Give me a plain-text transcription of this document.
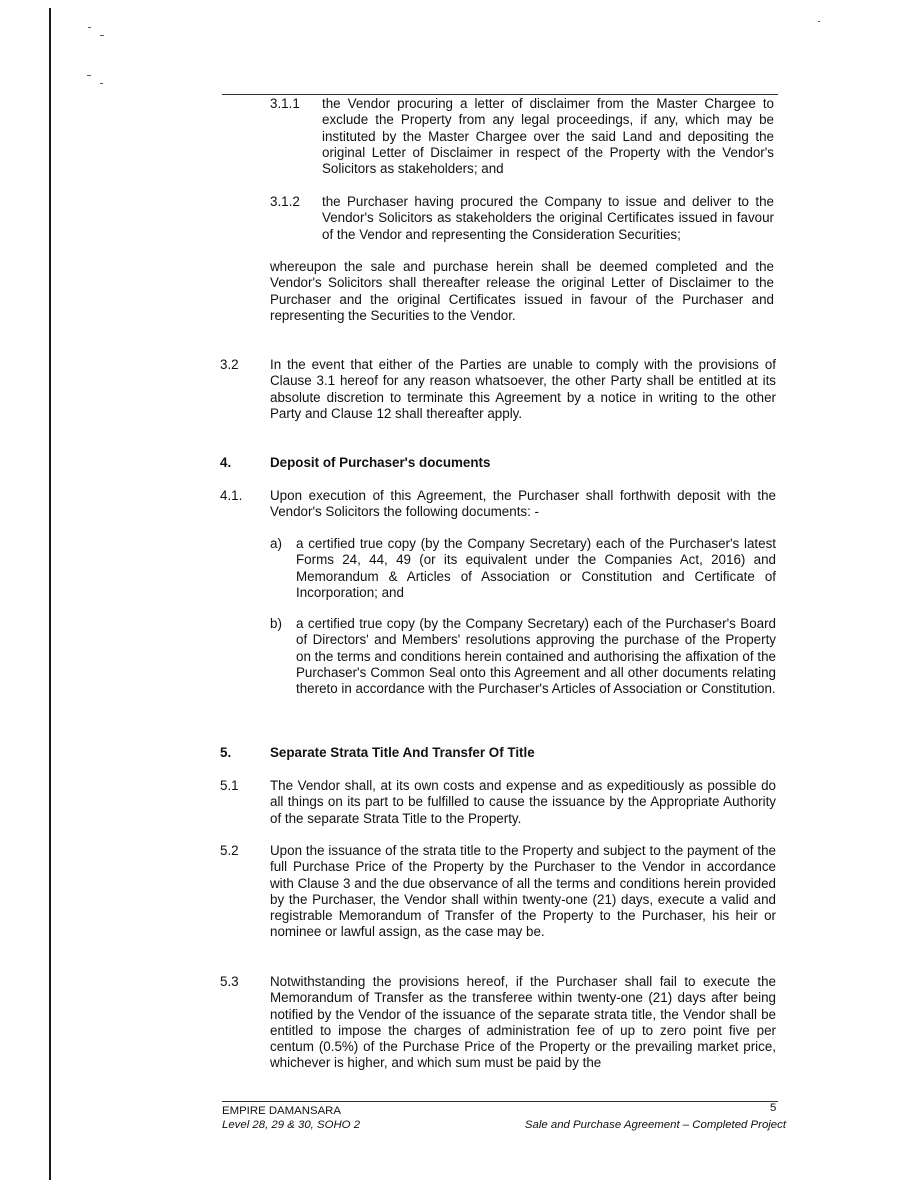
3.1.1 the Vendor procuring a letter of disclaimer from the Master Chargee to exclude the Property from any legal proceedings, if any, which may be instituted by the Master Chargee over the said Land and depositing the original Letter of Disclaimer in respect of the Property with the Vendor's Solicitors as stakeholders; and
3.1.2 the Purchaser having procured the Company to issue and deliver to the Vendor's Solicitors as stakeholders the original Certificates issued in favour of the Vendor and representing the Consideration Securities;
whereupon the sale and purchase herein shall be deemed completed and the Vendor's Solicitors shall thereafter release the original Letter of Disclaimer to the Purchaser and the original Certificates issued in favour of the Purchaser and representing the Securities to the Vendor.
3.2 In the event that either of the Parties are unable to comply with the provisions of Clause 3.1 hereof for any reason whatsoever, the other Party shall be entitled at its absolute discretion to terminate this Agreement by a notice in writing to the other Party and Clause 12 shall thereafter apply.
4.	Deposit of Purchaser's documents
4.1. Upon execution of this Agreement, the Purchaser shall forthwith deposit with the Vendor's Solicitors the following documents: -
a) a certified true copy (by the Company Secretary) each of the Purchaser's latest Forms 24, 44, 49 (or its equivalent under the Companies Act, 2016) and Memorandum & Articles of Association or Constitution and Certificate of Incorporation; and
b) a certified true copy (by the Company Secretary) each of the Purchaser's Board of Directors' and Members' resolutions approving the purchase of the Property on the terms and conditions herein contained and authorising the affixation of the Purchaser's Common Seal onto this Agreement and all other documents relating thereto in accordance with the Purchaser's Articles of Association or Constitution.
5.	Separate Strata Title And Transfer Of Title
5.1 The Vendor shall, at its own costs and expense and as expeditiously as possible do all things on its part to be fulfilled to cause the issuance by the Appropriate Authority of the separate Strata Title to the Property.
5.2 Upon the issuance of the strata title to the Property and subject to the payment of the full Purchase Price of the Property by the Purchaser to the Vendor in accordance with Clause 3 and the due observance of all the terms and conditions herein provided by the Purchaser, the Vendor shall within twenty-one (21) days, execute a valid and registrable Memorandum of Transfer of the Property to the Purchaser, his heir or nominee or lawful assign, as the case may be.
5.3 Notwithstanding the provisions hereof, if the Purchaser shall fail to execute the Memorandum of Transfer as the transferee within twenty-one (21) days after being notified by the Vendor of the issuance of the separate strata title, the Vendor shall be entitled to impose the charges of administration fee of up to zero point five per centum (0.5%) of the Purchase Price of the Property or the prevailing market price, whichever is higher, and which sum must be paid by the
EMPIRE DAMANSARA
Level 28, 29 & 30, SOHO 2
5
Sale and Purchase Agreement – Completed Project
